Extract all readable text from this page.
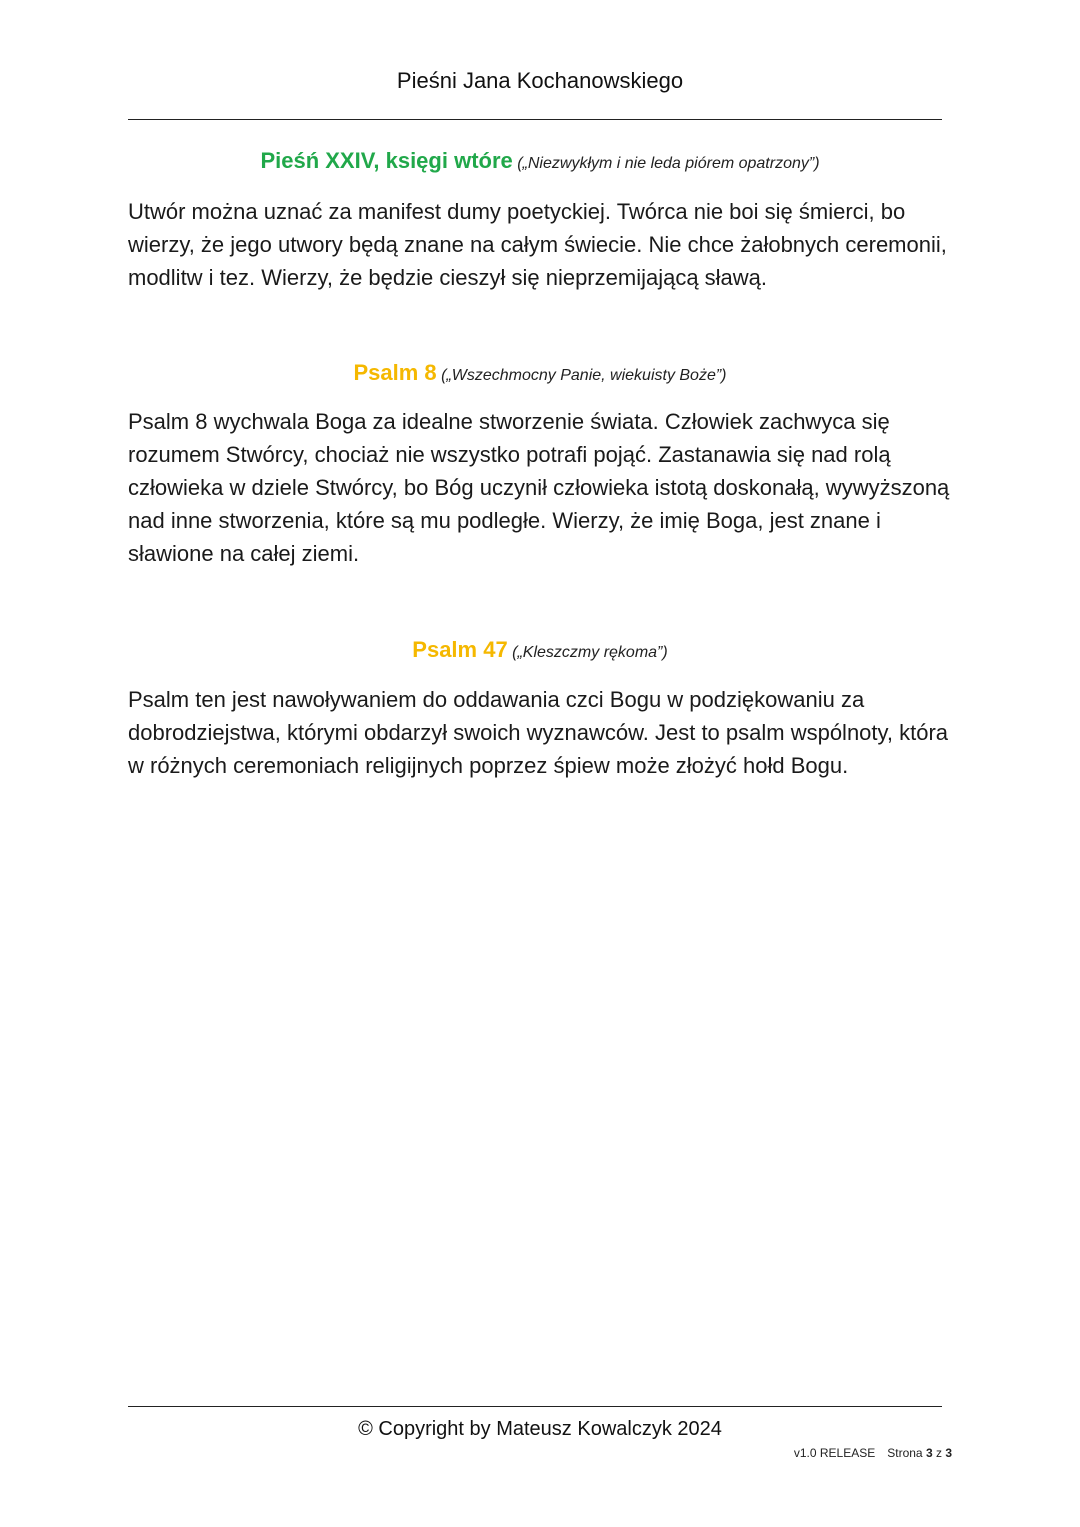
Pieśni Jana Kochanowskiego
Pieśń XXIV, księgi wtóre („Niezwykłym i nie leda piórem opatrzony”)
Utwór można uznać za manifest dumy poetyckiej. Twórca nie boi się śmierci, bo wierzy, że jego utwory będą znane na całym świecie. Nie chce żałobnych ceremonii, modlitw i tez. Wierzy, że będzie cieszył się nieprzemijającą sławą.
Psalm 8 („Wszechmocny Panie, wiekuisty Boże”)
Psalm 8 wychwala Boga za idealne stworzenie świata. Człowiek zachwyca się rozumem Stwórcy, chociaż nie wszystko potrafi pojąć. Zastanawia się nad rolą człowieka w dziele Stwórcy, bo Bóg uczynił człowieka istotą doskonałą, wywyższoną nad inne stworzenia, które są mu podległe. Wierzy, że imię Boga, jest znane i sławione na całej ziemi.
Psalm 47 („Kleszczmy rękoma”)
Psalm ten jest nawoływaniem do oddawania czci Bogu w podziękowaniu za dobrodziejstwa, którymi obdarzył swoich wyznawców. Jest to psalm wspólnoty, która w różnych ceremoniach religijnych poprzez śpiew może złożyć hołd Bogu.
© Copyright by Mateusz Kowalczyk 2024
v1.0 RELEASE Strona 3 z 3
